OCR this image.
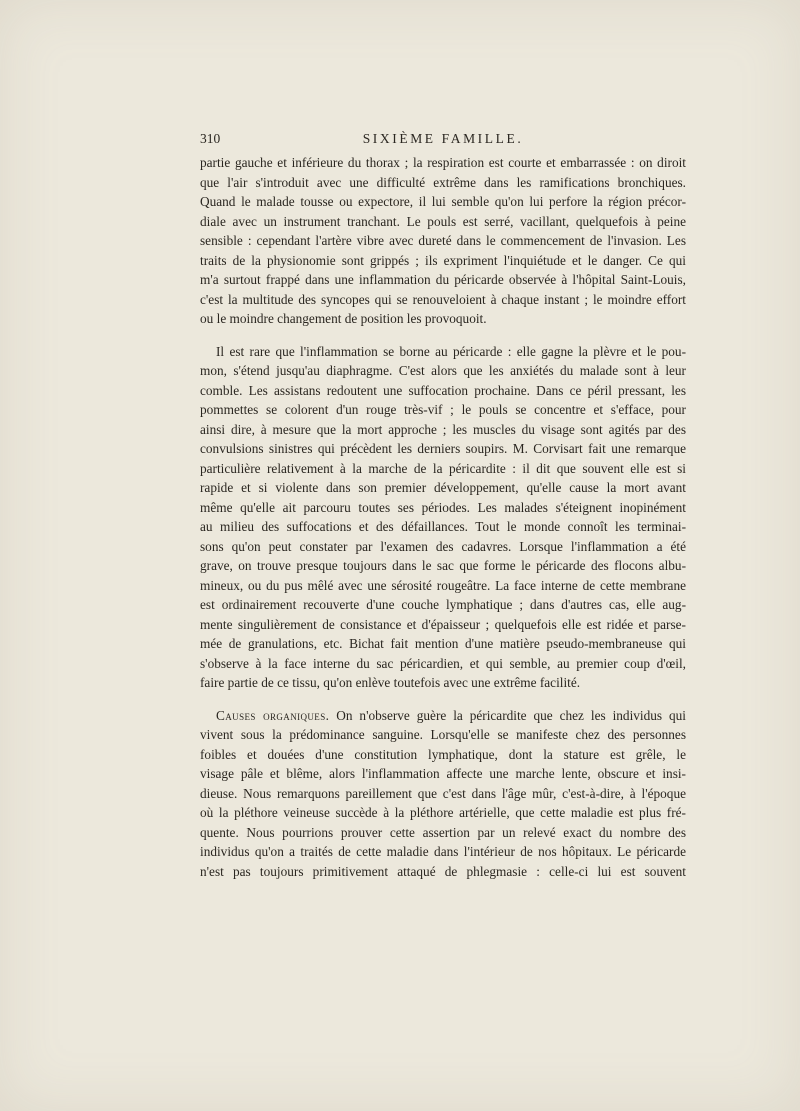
310	SIXIÈME FAMILLE.
partie gauche et inférieure du thorax ; la respiration est courte et embarrassée : on diroit
que l'air s'introduit avec une difficulté extrême dans les ramifications bronchiques.
Quand le malade tousse ou expectore, il lui semble qu'on lui perfore la région précor-
diale avec un instrument tranchant. Le pouls est serré, vacillant, quelquefois à peine
sensible : cependant l'artère vibre avec dureté dans le commencement de l'invasion. Les
traits de la physionomie sont grippés ; ils expriment l'inquiétude et le danger. Ce qui
m'a surtout frappé dans une inflammation du péricarde observée à l'hôpital Saint-Louis,
c'est la multitude des syncopes qui se renouveloient à chaque instant ; le moindre effort
ou le moindre changement de position les provoquoit.
Il est rare que l'inflammation se borne au péricarde : elle gagne la plèvre et le pou-
mon, s'étend jusqu'au diaphragme. C'est alors que les anxiétés du malade sont à leur
comble. Les assistans redoutent une suffocation prochaine. Dans ce péril pressant, les
pommettes se colorent d'un rouge très-vif ; le pouls se concentre et s'efface, pour
ainsi dire, à mesure que la mort approche ; les muscles du visage sont agités par des
convulsions sinistres qui précèdent les derniers soupirs. M. Corvisart fait une remarque
particulière relativement à la marche de la péricardite : il dit que souvent elle est si
rapide et si violente dans son premier développement, qu'elle cause la mort avant
même qu'elle ait parcouru toutes ses périodes. Les malades s'éteignent inopinément
au milieu des suffocations et des défaillances. Tout le monde connoît les terminai-
sons qu'on peut constater par l'examen des cadavres. Lorsque l'inflammation a été
grave, on trouve presque toujours dans le sac que forme le péricarde des flocons albu-
mineux, ou du pus mêlé avec une sérosité rougeâtre. La face interne de cette membrane
est ordinairement recouverte d'une couche lymphatique ; dans d'autres cas, elle aug-
mente singulièrement de consistance et d'épaisseur ; quelquefois elle est ridée et parse-
mée de granulations, etc. Bichat fait mention d'une matière pseudo-membraneuse qui
s'observe à la face interne du sac péricardien, et qui semble, au premier coup d'œil,
faire partie de ce tissu, qu'on enlève toutefois avec une extrême facilité.
Causes organiques. On n'observe guère la péricardite que chez les individus qui
vivent sous la prédominance sanguine. Lorsqu'elle se manifeste chez des personnes
foibles et douées d'une constitution lymphatique, dont la stature est grêle, le
visage pâle et blême, alors l'inflammation affecte une marche lente, obscure et insi-
dieuse. Nous remarquons pareillement que c'est dans l'âge mûr, c'est-à-dire, à l'époque
où la pléthore veineuse succède à la pléthore artérielle, que cette maladie est plus fré-
quente. Nous pourrions prouver cette assertion par un relevé exact du nombre des
individus qu'on a traités de cette maladie dans l'intérieur de nos hôpitaux. Le péricarde
n'est pas toujours primitivement attaqué de phlegmasie : celle-ci lui est souvent
